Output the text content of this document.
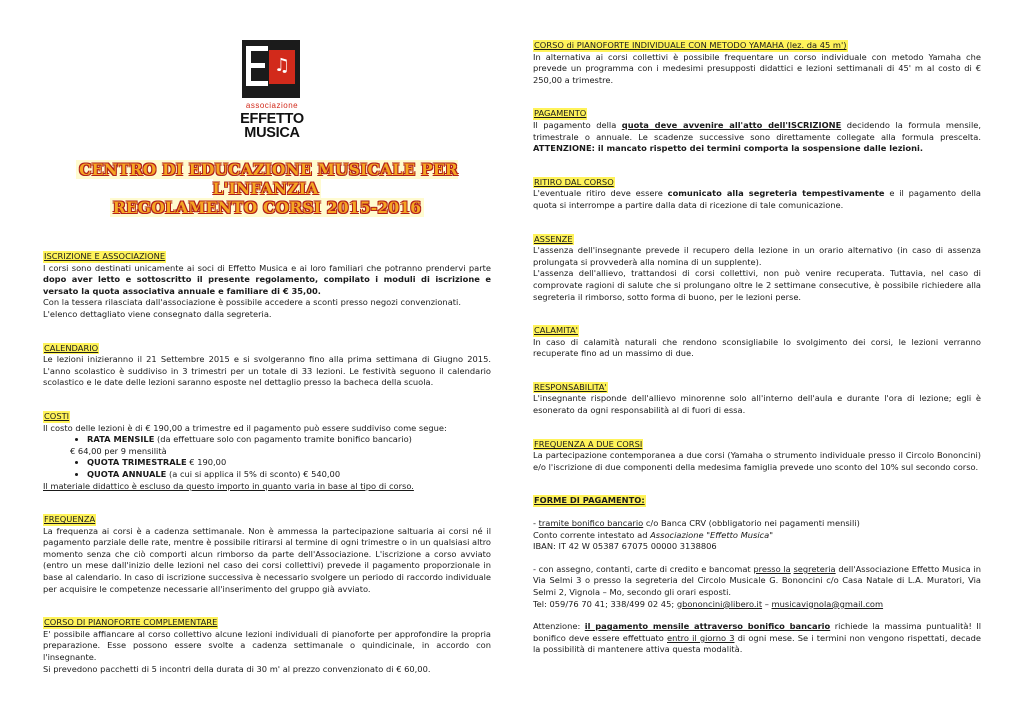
♫
associazione
EFFETTO
MUSICA
CENTRO DI EDUCAZIONE MUSICALE PER L'INFANZIA
REGOLAMENTO CORSI 2015-2016
ISCRIZIONE E ASSOCIAZIONE

I corsi sono destinati unicamente ai soci di Effetto Musica e ai loro familiari che potranno prendervi parte dopo aver letto e sottoscritto il presente regolamento, compilato i moduli di iscrizione e versato la quota associativa annuale e familiare di € 35,00.

Con la tessera rilasciata dall'associazione è possibile accedere a sconti presso negozi convenzionati.

L'elenco dettagliato viene consegnato dalla segreteria.

CALENDARIO

Le lezioni inizieranno il 21 Settembre 2015 e si svolgeranno fino alla prima settimana di Giugno 2015. L'anno scolastico è suddiviso in 3 trimestri per un totale di 33 lezioni. Le festività seguono il calendario scolastico e le date delle lezioni saranno esposte nel dettaglio presso la bacheca della scuola.

COSTI

Il costo delle lezioni è di € 190,00 a trimestre ed il pagamento può essere suddiviso come segue:

• RATA MENSILE (da effettuare solo con pagamento tramite bonifico bancario)

€ 64,00 per 9 mensilità

• QUOTA TRIMESTRALE € 190,00
• QUOTA ANNUALE (a cui si applica il 5% di sconto) € 540,00

Il materiale didattico è escluso da questo importo in quanto varia in base al tipo di corso.

FREQUENZA

La frequenza ai corsi è a cadenza settimanale. Non è ammessa la partecipazione saltuaria ai corsi né il pagamento parziale delle rate, mentre è possibile ritirarsi al termine di ogni trimestre o in un qualsiasi altro momento senza che ciò comporti alcun rimborso da parte dell'Associazione. L'iscrizione a corso avviato (entro un mese dall'inizio delle lezioni nel caso dei corsi collettivi) prevede il pagamento proporzionale in base al calendario. In caso di iscrizione successiva è necessario svolgere un periodo di raccordo individuale per acquisire le competenze necessarie all'inserimento del gruppo già avviato.

CORSO DI PIANOFORTE COMPLEMENTARE

E' possibile affiancare al corso collettivo alcune lezioni individuali di pianoforte per approfondire la propria preparazione. Esse possono essere svolte a cadenza settimanale o quindicinale, in accordo con l'insegnante.

Si prevedono pacchetti di 5 incontri della durata di 30 m' al prezzo convenzionato di € 60,00.

CORSO di PIANOFORTE INDIVIDUALE CON METODO YAMAHA (lez. da 45 m')

In alternativa ai corsi collettivi è possibile frequentare un corso individuale con metodo Yamaha che prevede un programma con i medesimi presupposti didattici e lezioni settimanali di 45' m al costo di € 250,00 a trimestre.

PAGAMENTO

Il pagamento della quota deve avvenire all'atto dell'ISCRIZIONE decidendo la formula mensile, trimestrale o annuale. Le scadenze successive sono direttamente collegate alla formula prescelta. ATTENZIONE: il mancato rispetto dei termini comporta la sospensione dalle lezioni.

RITIRO DAL CORSO

L'eventuale ritiro deve essere comunicato alla segreteria tempestivamente e il pagamento della quota si interrompe a partire dalla data di ricezione di tale comunicazione.

ASSENZE

L'assenza dell'insegnante prevede il recupero della lezione in un orario alternativo (in caso di assenza prolungata si provvederà alla nomina di un supplente).

L'assenza dell'allievo, trattandosi di corsi collettivi, non può venire recuperata. Tuttavia, nel caso di comprovate ragioni di salute che si prolungano oltre le 2 settimane consecutive, è possibile richiedere alla segreteria il rimborso, sotto forma di buono, per le lezioni perse.

CALAMITA'

In caso di calamità naturali che rendono sconsigliabile lo svolgimento dei corsi, le lezioni verranno recuperate fino ad un massimo di due.

RESPONSABILITA'

L'insegnante risponde dell'allievo minorenne solo all'interno dell'aula e durante l'ora di lezione; egli è esonerato da ogni responsabilità al di fuori di essa.

FREQUENZA A DUE CORSI

La partecipazione contemporanea a due corsi (Yamaha o strumento individuale presso il Circolo Bononcini) e/o l'iscrizione di due componenti della medesima famiglia prevede uno sconto del 10% sul secondo corso.

FORME DI PAGAMENTO:

- tramite bonifico bancario c/o Banca CRV (obbligatorio nei pagamenti mensili)

Conto corrente intestato ad Associazione "Effetto Musica"

IBAN: IT 42 W 05387 67075 00000 3138806

- con assegno, contanti, carte di credito e bancomat presso la segreteria dell'Associazione Effetto Musica in Via Selmi 3 o presso la segreteria del Circolo Musicale G. Bononcini c/o Casa Natale di L.A. Muratori, Via Selmi 2, Vignola – Mo, secondo gli orari esposti.

Tel: 059/76 70 41; 338/499 02 45; gbononcini@libero.it – musicavignola@gmail.com

Attenzione: il pagamento mensile attraverso bonifico bancario richiede la massima puntualità! Il bonifico deve essere effettuato entro il giorno 3 di ogni mese. Se i termini non vengono rispettati, decade la possibilità di mantenere attiva questa modalità.
